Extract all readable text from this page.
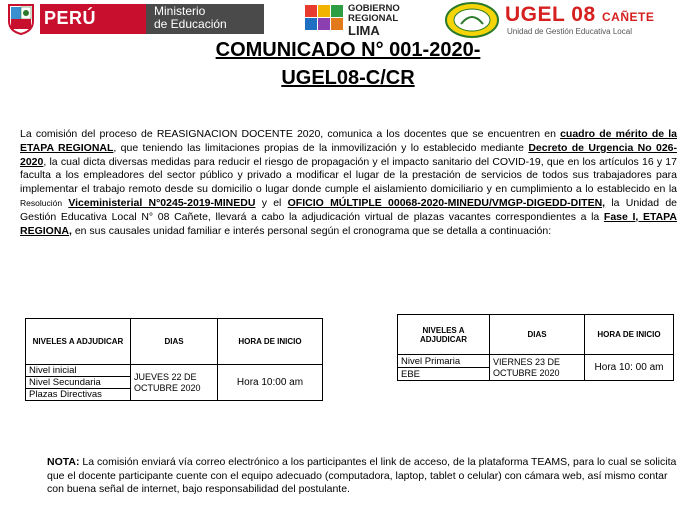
PERÚ	Ministerio
de Educación
GOBIERNO
REGIONAL
LIMA
UGEL 08 CAÑETE
Unidad de Gestión Educativa Local
COMUNICADO N° 001-2020-
UGEL08-C/CR
La comisión del proceso de REASIGNACION DOCENTE 2020, comunica a los docentes que se encuentren en cuadro de mérito de la ETAPA REGIONAL, que teniendo las limitaciones propias de la inmovilización y lo establecido mediante Decreto de Urgencia No 026-2020, la cual dicta diversas medidas para reducir el riesgo de propagación y el impacto sanitario del COVID-19, que en los artículos 16 y 17 faculta a los empleadores del sector público y privado a modificar el lugar de la prestación de servicios de todos sus trabajadores para implementar el trabajo remoto desde su domicilio o lugar donde cumple el aislamiento domiciliario y en cumplimiento a lo establecido en la Resolución Viceministerial N°0245-2019-MINEDU y el OFICIO MÚLTIPLE 00068-2020-MINEDU/VMGP-DIGEDD-DITEN, la Unidad de Gestión Educativa Local N° 08 Cañete, llevará a cabo la adjudicación virtual de plazas vacantes correspondientes a la Fase I, ETAPA REGIONA, en sus causales unidad familiar e interés personal según el cronograma que se detalla a continuación:
NIVELES A ADJUDICAR	DIAS	HORA DE INICIO
Nivel inicial	JUEVES 22 DE OCTUBRE 2020	Hora 10:00 am
Nivel Secundaria		
Plazas Directivas		
NIVELES A ADJUDICAR	DIAS	HORA DE INICIO
Nivel Primaria	VIERNES 23 DE OCTUBRE 2020	Hora 10: 00 am
EBE		
NOTA: La comisión enviará vía correo electrónico a los participantes el link de acceso, de la plataforma TEAMS, para lo cual se solicita que el docente participante cuente con el equipo adecuado (computadora, laptop, tablet o celular) con cámara web, así mismo contar con buena señal de internet, bajo responsabilidad del postulante.
